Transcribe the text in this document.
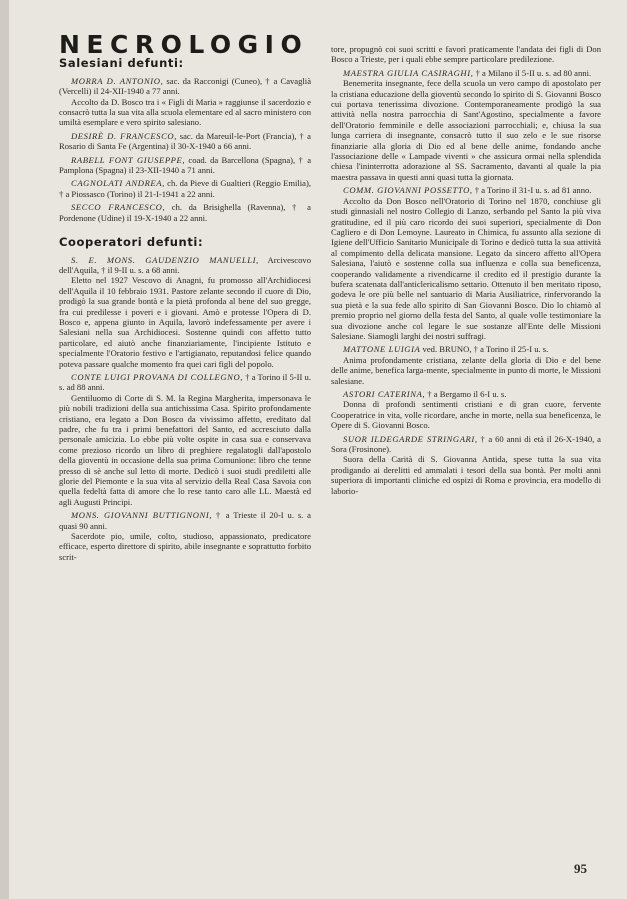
NECROLOGIO
Salesiani defunti:

MORRA D. ANTONIO, sac. da Racconigi (Cuneo), † a Cavaglià (Vercelli) il 24-XII-1940 a 77 anni.

Accolto da D. Bosco tra i « Figli di Maria » raggiunse il sacerdozio e consacrò tutta la sua vita alla scuola elementare ed al sacro ministero con umiltà esemplare e vero spirito salesiano.

DESIRÈ D. FRANCESCO, sac. da Mareuil-le-Port (Francia), † a Rosario di Santa Fe (Argentina) il 30-X-1940 a 66 anni.

RABELL FONT GIUSEPPE, coad. da Barcellona (Spagna), † a Pamplona (Spagna) il 23-XII-1940 a 71 anni.

CAGNOLATI ANDREA, ch. da Pieve di Gualtieri (Reggio Emilia), † a Piossasco (Torino) il 21-I-1941 a 22 anni.

SECCO FRANCESCO, ch. da Brisighella (Ravenna), † a Pordenone (Udine) il 19-X-1940 a 22 anni.

Cooperatori defunti:

S. E. MONS. GAUDENZIO MANUELLI, Arcivescovo dell'Aquila, † il 9-II u. s. a 68 anni.

Eletto nel 1927 Vescovo di Anagni, fu promosso all'Archidiocesi dell'Aquila il 10 febbraio 1931. Pastore zelante secondo il cuore di Dio, prodigò la sua grande bontà e la pietà profonda al bene del suo gregge, fra cui predilesse i poveri e i giovani. Amò e protesse l'Opera di D. Bosco e, appena giunto in Aquila, lavorò indefessamente per avere i Salesiani nella sua Archidiocesi. Sostenne quindi con affetto tutto particolare, ed aiutò anche finanziariamente, l'incipiente Istituto e specialmente l'Oratorio festivo e l'artigianato, reputandosi felice quando poteva passare qualche momento fra quei cari figli del popolo.

CONTE LUIGI PROVANA DI COLLEGNO, † a Torino il 5-II u. s. ad 88 anni.

Gentiluomo di Corte di S. M. la Regina Margherita, impersonava le più nobili tradizioni della sua antichissima Casa. Spirito profondamente cristiano, era legato a Don Bosco da vivissimo affetto, ereditato dal padre, che fu tra i primi benefattori del Santo, ed accresciuto dalla personale amicizia. Lo ebbe più volte ospite in casa sua e conservava come prezioso ricordo un libro di preghiere regalatogli dall'apostolo della gioventù in occasione della sua prima Comunione: libro che tenne presso di sè anche sul letto di morte. Dedicò i suoi studi prediletti alle glorie del Piemonte e la sua vita al servizio della Real Casa Savoia con quella fedeltà fatta di amore che lo rese tanto caro alle LL. Maestà ed agli Augusti Principi.

MONS. GIOVANNI BUTTIGNONI, † a Trieste il 20-I u. s. a quasi 90 anni.

Sacerdote pio, umile, colto, studioso, appassionato, predicatore efficace, esperto direttore di spirito, abile insegnante e soprattutto forbito scrit-

tore, propugnò coi suoi scritti e favorì praticamente l'andata dei figli di Don Bosco a Trieste, per i quali ebbe sempre particolare predilezione.

MAESTRA GIULIA CASIRAGHI, † a Milano il 5-II u. s. ad 80 anni.

Benemerita insegnante, fece della scuola un vero campo di apostolato per la cristiana educazione della gioventù secondo lo spirito di S. Giovanni Bosco cui portava tenerissima divozione. Contemporaneamente prodigò la sua attività nella nostra parrocchia di Sant'Agostino, specialmente a favore dell'Oratorio femminile e delle associazioni parrocchiali; e, chiusa la sua lunga carriera di insegnante, consacrò tutto il suo zelo e le sue risorse finanziarie alla gloria di Dio ed al bene delle anime, fondando anche l'associazione delle « Lampade viventi » che assicura ormai nella splendida chiesa l'ininterrotta adorazione al SS. Sacramento, davanti al quale la pia maestra passava in questi anni quasi tutta la giornata.

COMM. GIOVANNI POSSETTO, † a Torino il 31-I u. s. ad 81 anno.

Accolto da Don Bosco nell'Oratorio di Torino nel 1870, conchiuse gli studi ginnasiali nel nostro Collegio di Lanzo, serbando pel Santo la più viva gratitudine, ed il più caro ricordo dei suoi superiori, specialmente di Don Cagliero e di Don Lemoyne. Laureato in Chimica, fu assunto alla sezione di Igiene dell'Ufficio Sanitario Municipale di Torino e dedicò tutta la sua attività al compimento della delicata mansione. Legato da sincero affetto all'Opera Salesiana, l'aiutò e sostenne colla sua influenza e colla sua beneficenza, cooperando validamente a rivendicarne il credito ed il prestigio durante la bufera scatenata dall'anticlericalismo settario. Ottenuto il ben meritato riposo, godeva le ore più belle nel santuario di Maria Ausiliatrice, rinfervorando la sua pietà e la sua fede allo spirito di San Giovanni Bosco. Dio lo chiamò al premio proprio nel giorno della festa del Santo, al quale volle testimoniare la sua divozione anche col legare le sue sostanze all'Ente delle Missioni Salesiane. Siamogli larghi dei nostri suffragi.

MATTONE LUIGIA ved. BRUNO, † a Torino il 25-I u. s.

Anima profondamente cristiana, zelante della gloria di Dio e del bene delle anime, benefica larga-mente, specialmente in punto di morte, le Missioni salesiane.

ASTORI CATERINA, † a Bergamo il 6-I u. s.

Donna di profondi sentimenti cristiani e di gran cuore, fervente Cooperatrice in vita, volle ricordare, anche in morte, nella sua beneficenza, le Opere di S. Giovanni Bosco.

SUOR ILDEGARDE STRINGARI, † a 60 anni di età il 26-X-1940, a Sora (Frosinone).

Suora della Carità di S. Giovanna Antida, spese tutta la sua vita prodigando ai derelitti ed ammalati i tesori della sua bontà. Per molti anni superiora di importanti cliniche ed ospizi di Roma e provincia, era modello di laborio-

95
